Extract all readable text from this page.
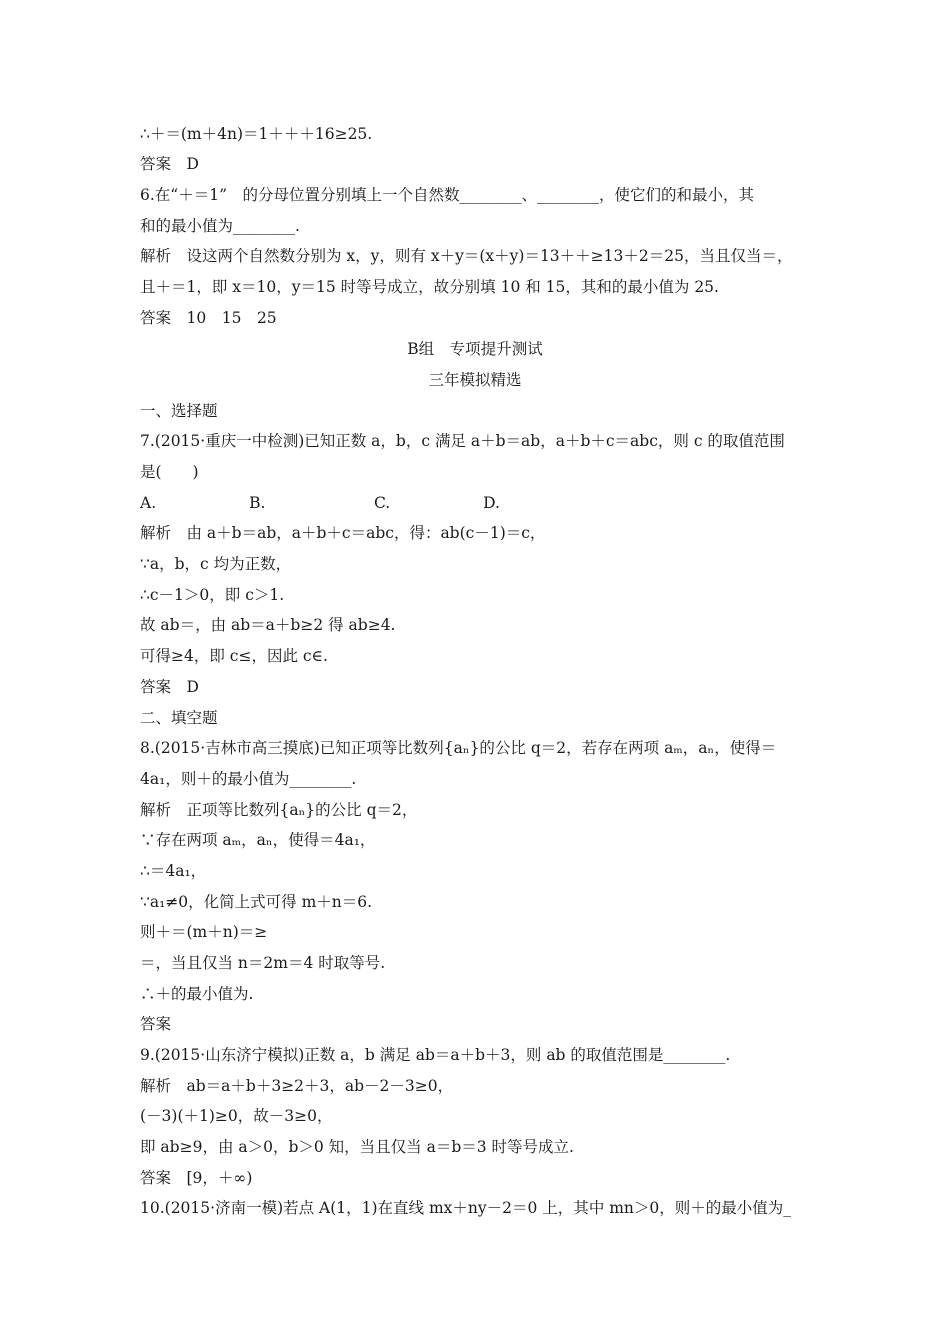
∴＋＝(m＋4n)＝1＋＋＋16≥25.
答案　D
6.在“＋＝1”　的分母位置分别填上一个自然数________、________，使它们的和最小，其
和的最小值为________.
解析　设这两个自然数分别为 x，y，则有 x＋y＝(x＋y)＝13＋＋≥13＋2＝25，当且仅当＝，
且＋＝1，即 x＝10，y＝15 时等号成立，故分别填 10 和 15，其和的最小值为 25.
答案　10　15　25
B组　专项提升测试
三年模拟精选
一、选择题
7.(2015·重庆一中检测)已知正数 a，b，c 满足 a＋b＝ab，a＋b＋c＝abc，则 c 的取值范围
是(　　)
A.　　　　　　B.　　　　　　　C.　　　　　　D.
解析　由 a＋b＝ab，a＋b＋c＝abc，得：ab(c－1)＝c，
∵a，b，c 均为正数，
∴c－1＞0，即 c＞1.
故 ab＝，由 ab＝a＋b≥2 得 ab≥4.
可得≥4，即 c≤，因此 c∈.
答案　D
二、填空题
8.(2015·吉林市高三摸底)已知正项等比数列{aₙ}的公比 q＝2，若存在两项 aₘ，aₙ，使得＝
4a₁，则＋的最小值为________.
解析　正项等比数列{aₙ}的公比 q＝2，
∵存在两项 aₘ，aₙ，使得＝4a₁，
∴＝4a₁，
∵a₁≠0，化简上式可得 m＋n＝6.
则＋＝(m＋n)＝≥
＝，当且仅当 n＝2m＝4 时取等号.
∴＋的最小值为.
答案
9.(2015·山东济宁模拟)正数 a，b 满足 ab＝a＋b＋3，则 ab 的取值范围是________.
解析　ab＝a＋b＋3≥2＋3，ab－2－3≥0，
(－3)(＋1)≥0，故－3≥0，
即 ab≥9，由 a＞0，b＞0 知，当且仅当 a＝b＝3 时等号成立.
答案　[9，＋∞)
10.(2015·济南一模)若点 A(1，1)在直线 mx＋ny－2＝0 上，其中 mn＞0，则＋的最小值为_
